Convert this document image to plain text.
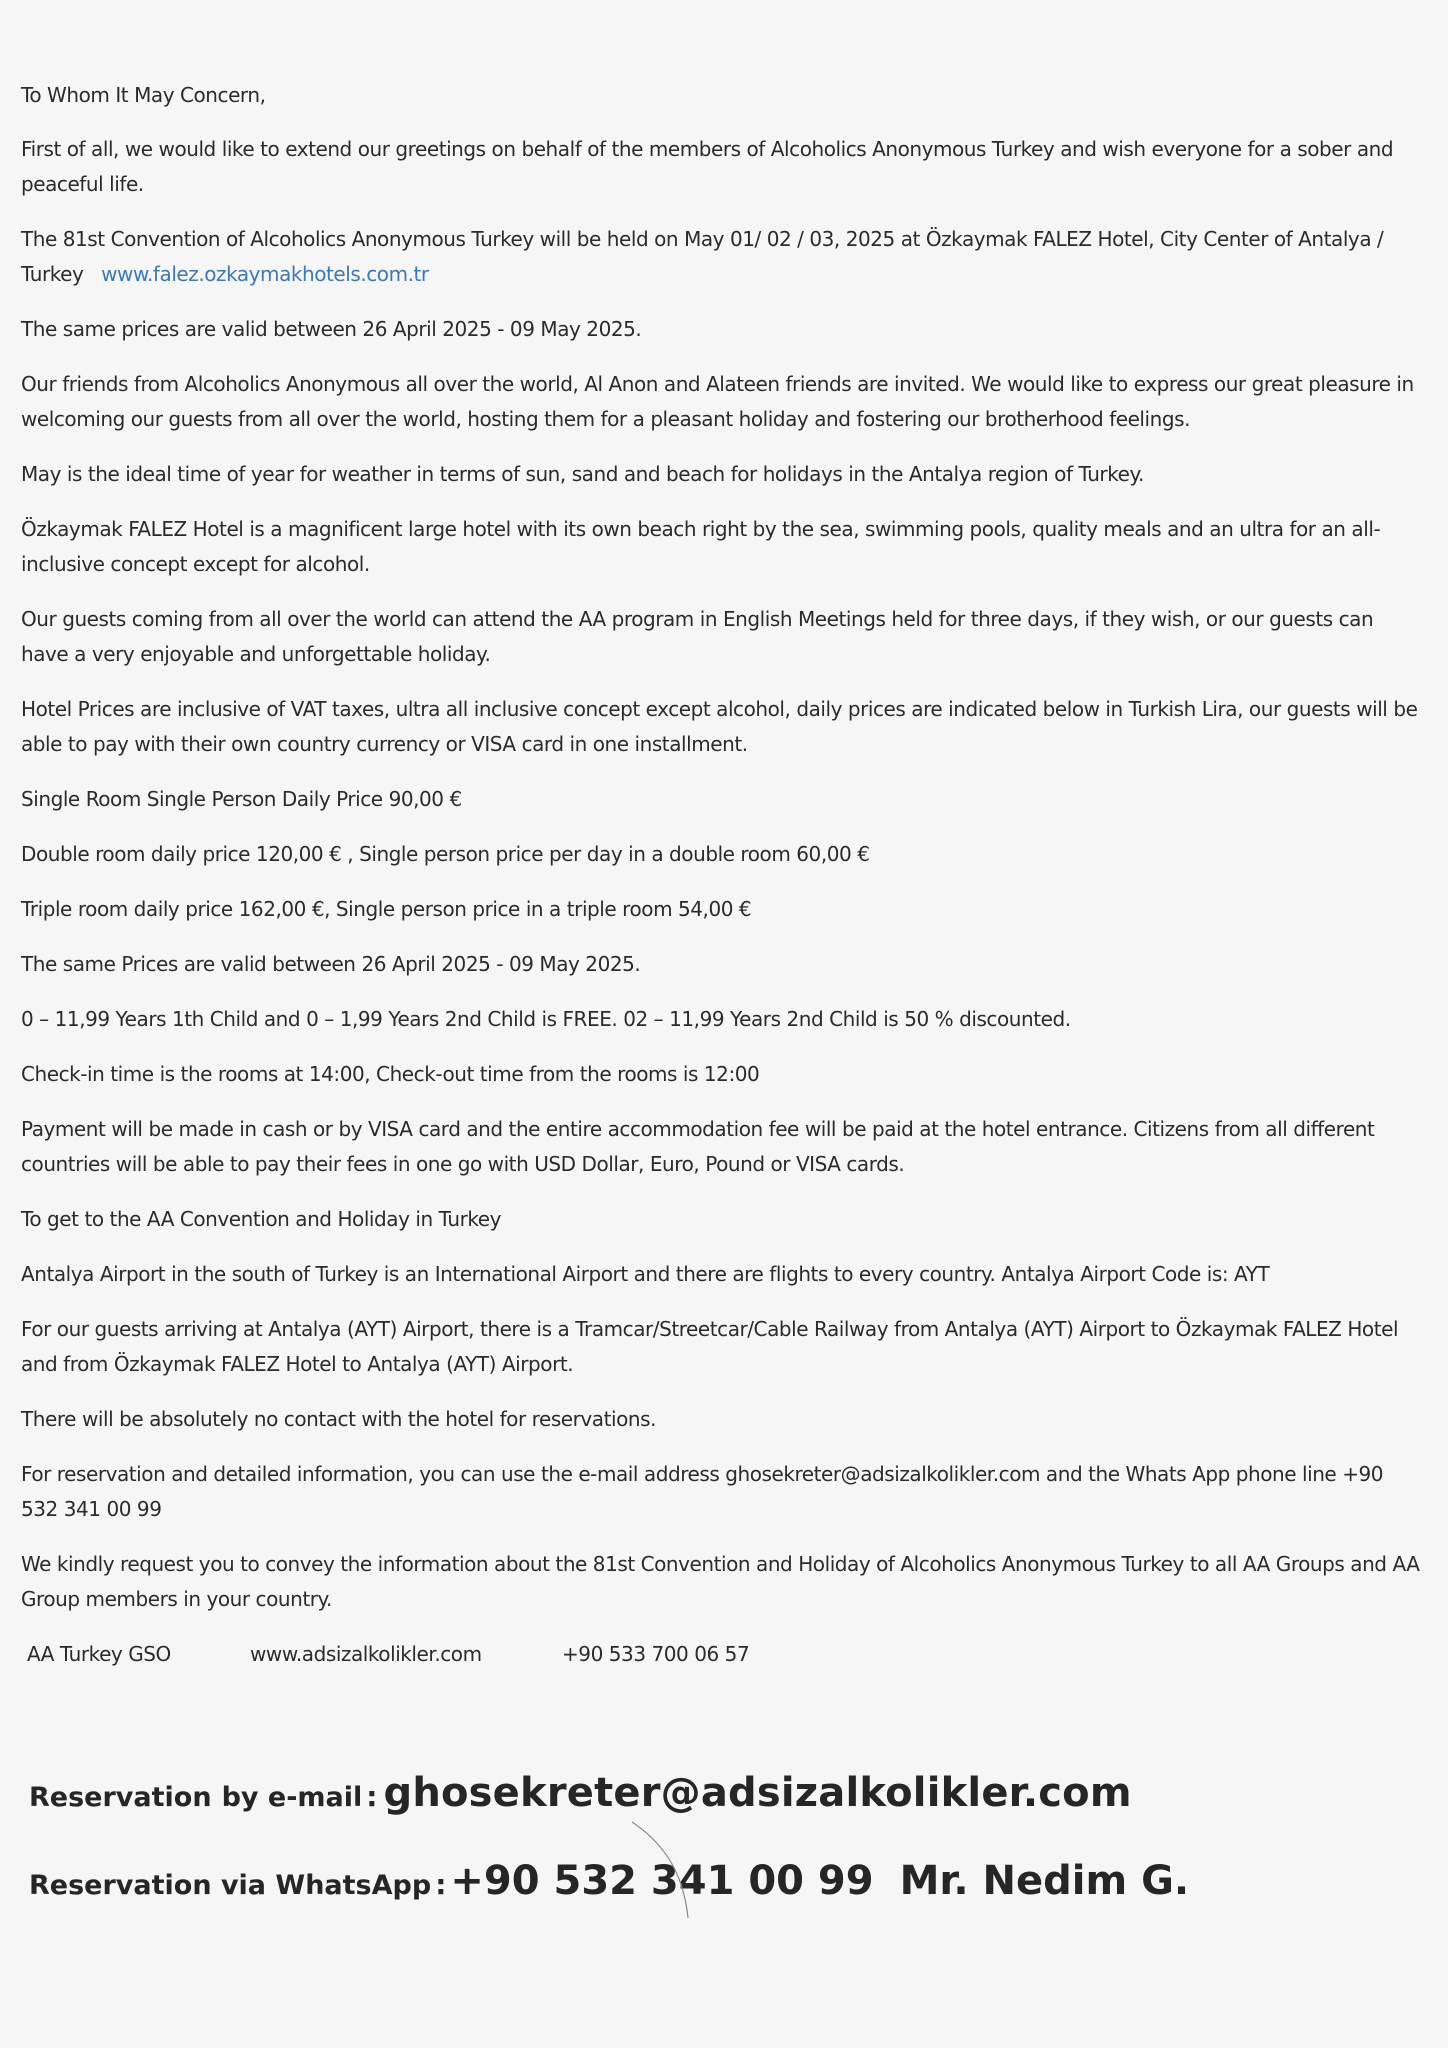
To Whom It May Concern,

First of all, we would like to extend our greetings on behalf of the members of Alcoholics Anonymous Turkey and wish everyone for a sober and peaceful life.

The 81st Convention of Alcoholics Anonymous Turkey will be held on May 01/ 02 / 03, 2025 at Özkaymak FALEZ Hotel, City Center of Antalya / Turkey www.falez.ozkaymakhotels.com.tr

The same prices are valid between 26 April 2025 - 09 May 2025.

Our friends from Alcoholics Anonymous all over the world, Al Anon and Alateen friends are invited. We would like to express our great pleasure in welcoming our guests from all over the world, hosting them for a pleasant holiday and fostering our brotherhood feelings.

May is the ideal time of year for weather in terms of sun, sand and beach for holidays in the Antalya region of Turkey.

Özkaymak FALEZ Hotel is a magnificent large hotel with its own beach right by the sea, swimming pools, quality meals and an ultra for an all-inclusive concept except for alcohol.

Our guests coming from all over the world can attend the AA program in English Meetings held for three days, if they wish, or our guests can have a very enjoyable and unforgettable holiday.

Hotel Prices are inclusive of VAT taxes, ultra all inclusive concept except alcohol, daily prices are indicated below in Turkish Lira, our guests will be able to pay with their own country currency or VISA card in one installment.

Single Room Single Person Daily Price 90,00 €

Double room daily price 120,00 € , Single person price per day in a double room 60,00 €

Triple room daily price 162,00 €, Single person price in a triple room 54,00 €

The same Prices are valid between 26 April 2025 - 09 May 2025.

0 – 11,99 Years 1th Child and 0 – 1,99 Years 2nd Child is FREE. 02 – 11,99 Years 2nd Child is 50 % discounted.

Check-in time is the rooms at 14:00, Check-out time from the rooms is 12:00

Payment will be made in cash or by VISA card and the entire accommodation fee will be paid at the hotel entrance. Citizens from all different countries will be able to pay their fees in one go with USD Dollar, Euro, Pound or VISA cards.

To get to the AA Convention and Holiday in Turkey

Antalya Airport in the south of Turkey is an International Airport and there are flights to every country. Antalya Airport Code is: AYT

For our guests arriving at Antalya (AYT) Airport, there is a Tramcar/Streetcar/Cable Railway from Antalya (AYT) Airport to Özkaymak FALEZ Hotel and from Özkaymak FALEZ Hotel to Antalya (AYT) Airport.

There will be absolutely no contact with the hotel for reservations.

For reservation and detailed information, you can use the e-mail address ghosekreter@adsizalkolikler.com and the Whats App phone line +90 532 341 00 99

We kindly request you to convey the information about the 81st Convention and Holiday of Alcoholics Anonymous Turkey to all AA Groups and AA Group members in your country.

AA Turkey GSO	www.adsizalkolikler.com	+90 533 700 06 57

Reservation by e-mail : ghosekreter@adsizalkolikler.com
Reservation via WhatsApp : +90 532 341 00 99 Mr. Nedim G.
